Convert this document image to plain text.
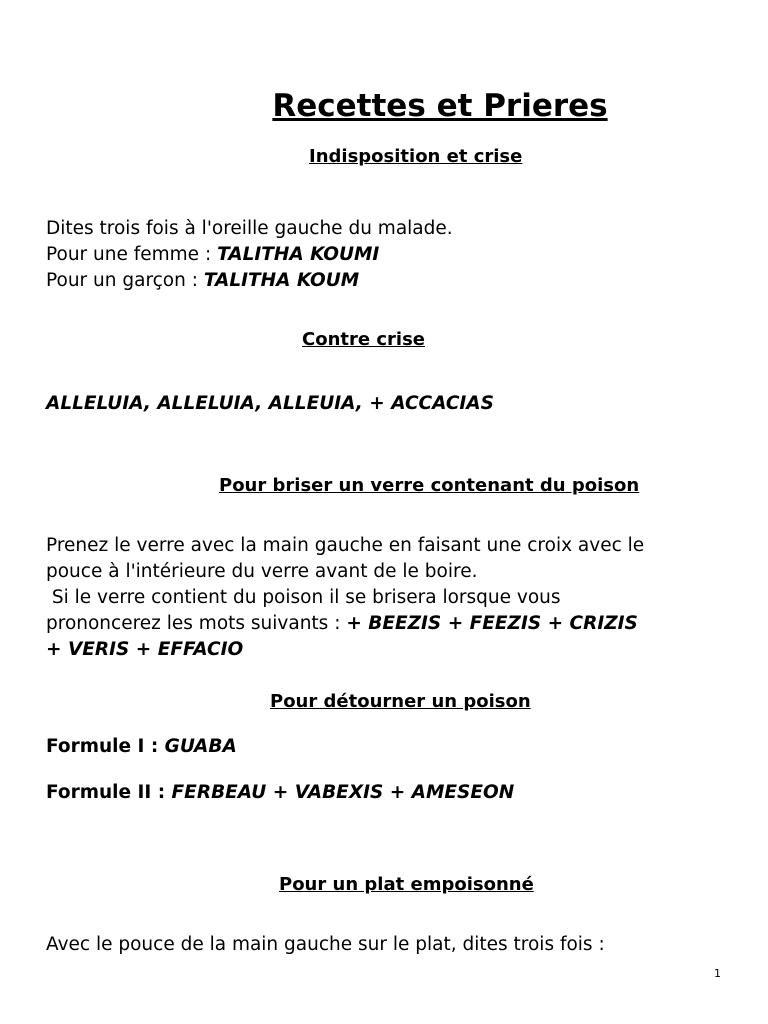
Recettes et Prieres
Indisposition et crise
Dites trois fois à l'oreille gauche du malade.
Pour une femme : TALITHA KOUMI
Pour un garçon : TALITHA KOUM
Contre crise
ALLELUIA, ALLELUIA, ALLEUIA, + ACCACIAS
Pour briser un verre contenant du poison
Prenez le verre avec la main gauche en faisant une croix avec le
pouce à l'intérieure du verre avant de le boire.
Si le verre contient du poison il se brisera lorsque vous
prononcerez les mots suivants : + BEEZIS + FEEZIS + CRIZIS
+ VERIS + EFFACIO
Pour détourner un poison
Formule I : GUABA
Formule II : FERBEAU + VABEXIS + AMESEON
Pour un plat empoisonné
Avec le pouce de la main gauche sur le plat, dites trois fois :
1
